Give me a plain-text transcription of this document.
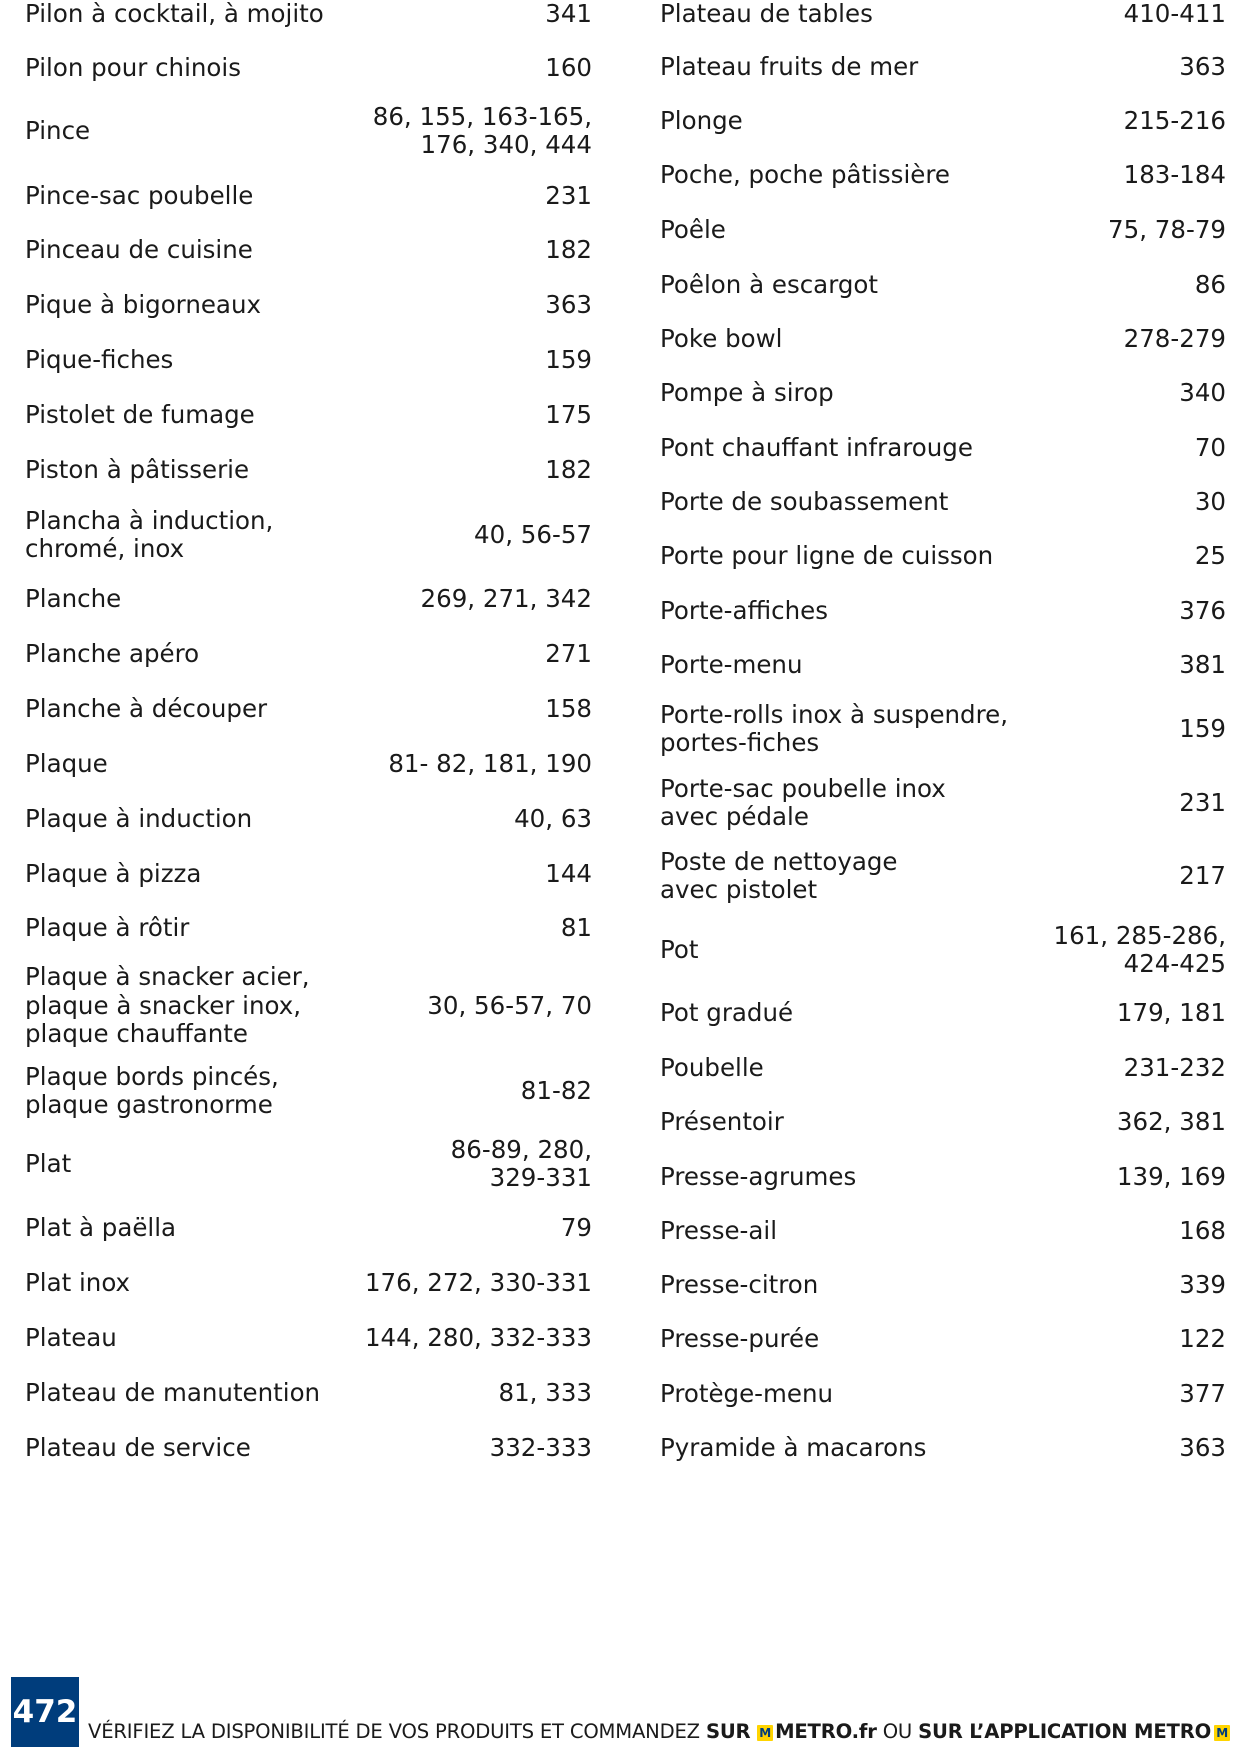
Pilon à cocktail, à mojito	341
Pilon pour chinois	160
Pince	86, 155, 163-165,
176, 340, 444
Pince-sac poubelle	231
Pinceau de cuisine	182
Pique à bigorneaux	363
Pique-fiches	159
Pistolet de fumage	175
Piston à pâtisserie	182
Plancha à induction,
chromé, inox	40, 56-57
Planche	269, 271, 342
Planche apéro	271
Planche à découper	158
Plaque	81- 82, 181, 190
Plaque à induction	40, 63
Plaque à pizza	144
Plaque à rôtir	81
Plaque à snacker acier,
plaque à snacker inox,
plaque chauffante
30, 56-57, 70
Plaque bords pincés,
plaque gastronorme	81-82
Plat	86-89, 280,
329-331
Plat à paëlla	79
Plat inox	176, 272, 330-331
Plateau	144, 280, 332-333
Plateau de manutention	81, 333
Plateau de service	332-333
Plateau de tables	410-411
Plateau fruits de mer	363
Plonge	215-216
Poche, poche pâtissière	183-184
Poêle	75, 78-79
Poêlon à escargot	86
Poke bowl	278-279
Pompe à sirop	340
Pont chauffant infrarouge	70
Porte de soubassement	30
Porte pour ligne de cuisson	25
Porte-affiches	376
Porte-menu	381
Porte-rolls inox à suspendre,
portes-fiches	159
Porte-sac poubelle inox
avec pédale	231
Poste de nettoyage
avec pistolet	217
Pot	161, 285-286,
424-425
Pot gradué	179, 181
Poubelle	231-232
Présentoir	362, 381
Presse-agrumes	139, 169
Presse-ail	168
Presse-citron	339
Presse-purée	122
Protège-menu	377
Pyramide à macarons	363
472
VÉRIFIEZ LA DISPONIBILITÉ DE VOS PRODUITS ET COMMANDEZ SUR M METRO.fr OU SUR L’APPLICATION METRO M
